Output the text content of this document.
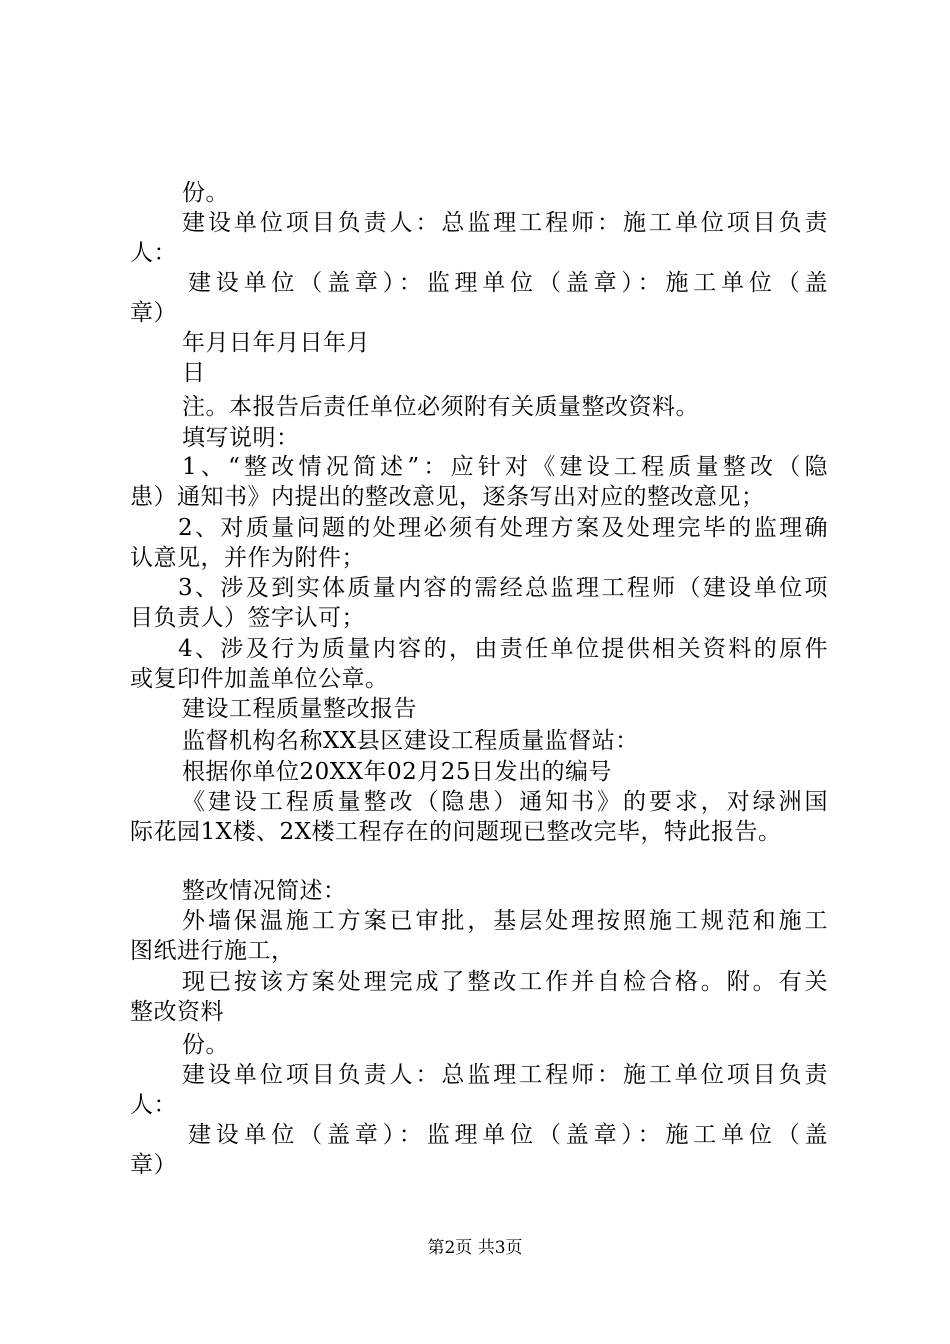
份。
建设单位项目负责人：总监理工程师：施工单位项目负责
人：
建设单位（盖章）：监理单位（盖章）：施工单位（盖
章）
年月日年月日年月
日
注。本报告后责任单位必须附有关质量整改资料。
填写说明：
1、“整改情况简述”：应针对《建设工程质量整改（隐
患）通知书》内提出的整改意见，逐条写出对应的整改意见；
2、对质量问题的处理必须有处理方案及处理完毕的监理确
认意见，并作为附件；
3、涉及到实体质量内容的需经总监理工程师（建设单位项
目负责人）签字认可；
4、涉及行为质量内容的，由责任单位提供相关资料的原件
或复印件加盖单位公章。
建设工程质量整改报告
监督机构名称XX县区建设工程质量监督站：
根据你单位20XX年02月25日发出的编号
《建设工程质量整改（隐患）通知书》的要求，对绿洲国
际花园1X楼、2X楼工程存在的问题现已整改完毕，特此报告。
整改情况简述：
外墙保温施工方案已审批，基层处理按照施工规范和施工
图纸进行施工，
现已按该方案处理完成了整改工作并自检合格。附。有关
整改资料
份。
建设单位项目负责人：总监理工程师：施工单位项目负责
人：
建设单位（盖章）：监理单位（盖章）：施工单位（盖
章）
第2页 共3页
